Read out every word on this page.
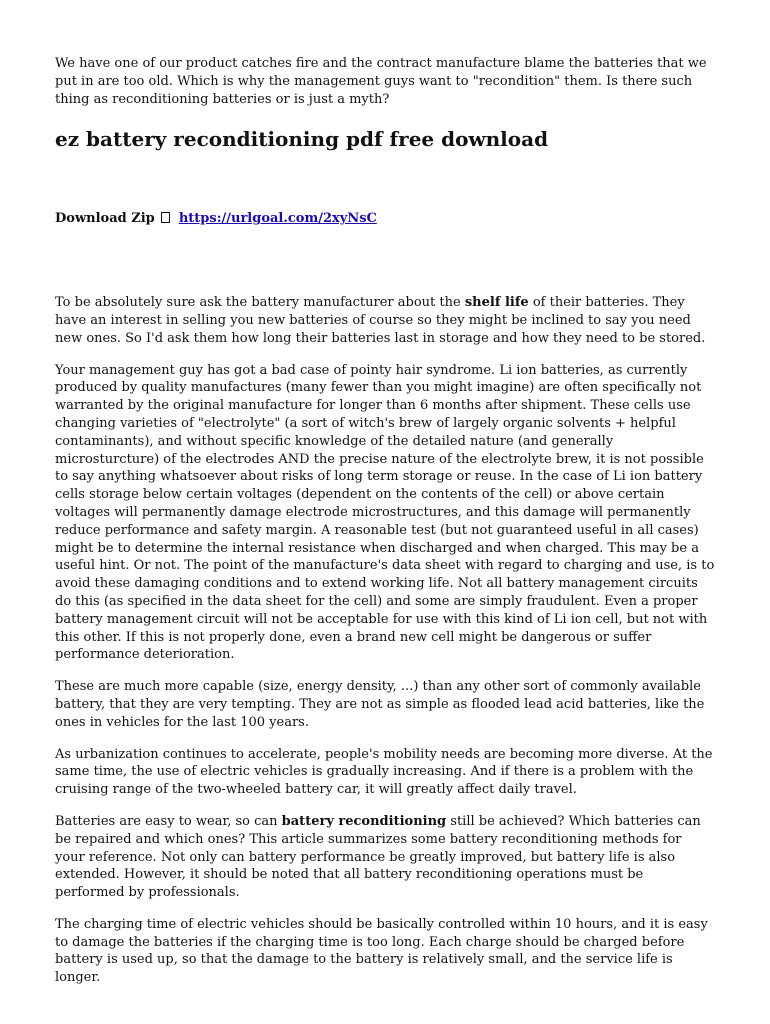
We have one of our product catches fire and the contract manufacture blame the batteries that we put in are too old. Which is why the management guys want to "recondition" them. Is there such thing as reconditioning batteries or is just a myth?

ez battery reconditioning pdf free download
Download Zip https://urlgoal.com/2xyNsC

To be absolutely sure ask the battery manufacturer about the shelf life of their batteries. They have an interest in selling you new batteries of course so they might be inclined to say you need new ones. So I'd ask them how long their batteries last in storage and how they need to be stored.

Your management guy has got a bad case of pointy hair syndrome. Li ion batteries, as currently produced by quality manufactures (many fewer than you might imagine) are often specifically not warranted by the original manufacture for longer than 6 months after shipment. These cells use changing varieties of "electrolyte" (a sort of witch's brew of largely organic solvents + helpful contaminants), and without specific knowledge of the detailed nature (and generally microsturcture) of the electrodes AND the precise nature of the electrolyte brew, it is not possible to say anything whatsoever about risks of long term storage or reuse. In the case of Li ion battery cells storage below certain voltages (dependent on the contents of the cell) or above certain voltages will permanently damage electrode microstructures, and this damage will permanently reduce performance and safety margin. A reasonable test (but not guaranteed useful in all cases) might be to determine the internal resistance when discharged and when charged. This may be a useful hint. Or not. The point of the manufacture's data sheet with regard to charging and use, is to avoid these damaging conditions and to extend working life. Not all battery management circuits do this (as specified in the data sheet for the cell) and some are simply fraudulent. Even a proper battery management circuit will not be acceptable for use with this kind of Li ion cell, but not with this other. If this is not properly done, even a brand new cell might be dangerous or suffer performance deterioration.

These are much more capable (size, energy density, ...) than any other sort of commonly available battery, that they are very tempting. They are not as simple as flooded lead acid batteries, like the ones in vehicles for the last 100 years.

As urbanization continues to accelerate, people's mobility needs are becoming more diverse. At the same time, the use of electric vehicles is gradually increasing. And if there is a problem with the cruising range of the two-wheeled battery car, it will greatly affect daily travel.

Batteries are easy to wear, so can battery reconditioning still be achieved? Which batteries can be repaired and which ones? This article summarizes some battery reconditioning methods for your reference. Not only can battery performance be greatly improved, but battery life is also extended. However, it should be noted that all battery reconditioning operations must be performed by professionals.

The charging time of electric vehicles should be basically controlled within 10 hours, and it is easy to damage the batteries if the charging time is too long. Each charge should be charged before battery is used up, so that the damage to the battery is relatively small, and the service life is longer.
